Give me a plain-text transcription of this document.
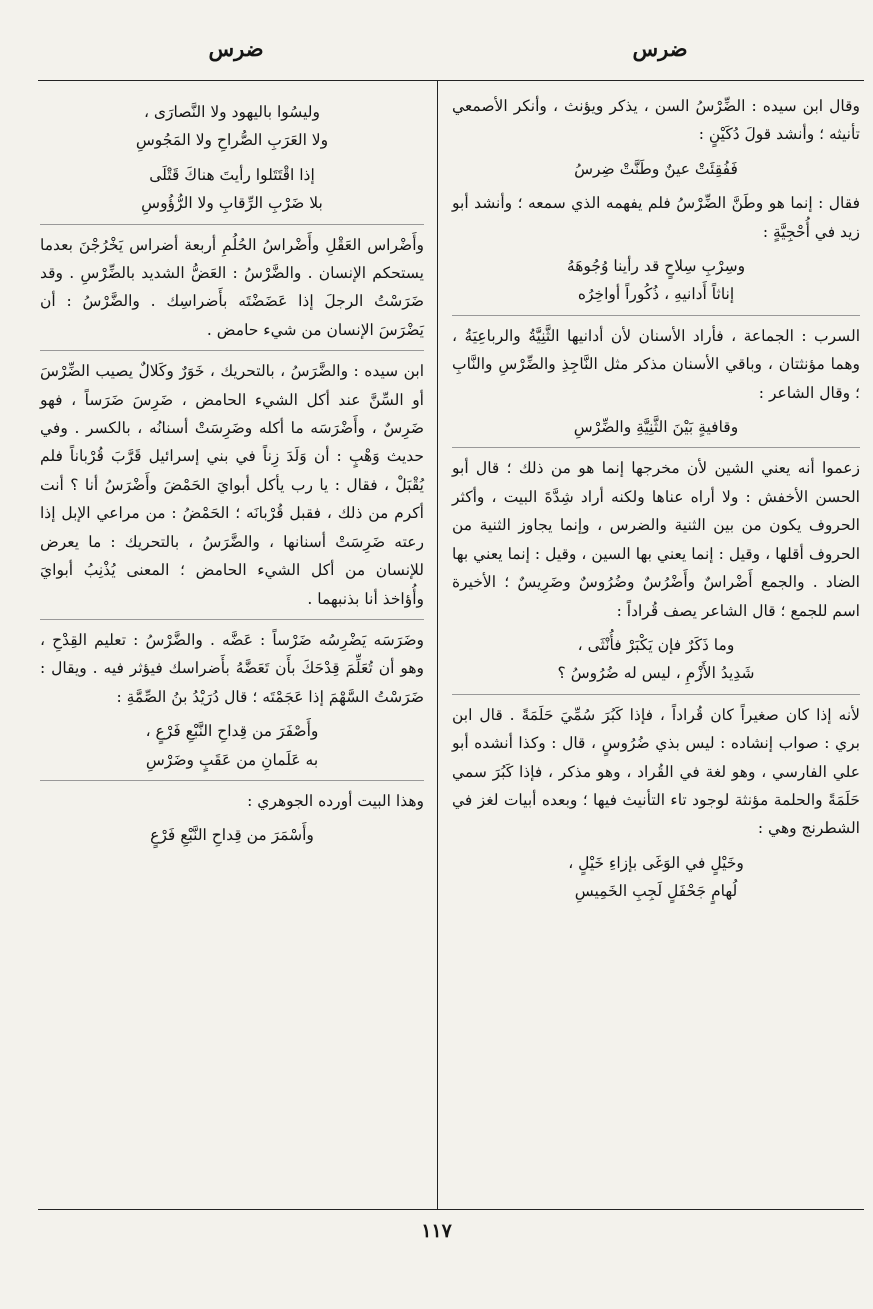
ضرس
ضرس

وقال ابن سيده : الضِّرْسُ السن ، يذكر ويؤنث ، وأنكر الأصمعي تأنيثه ؛ وأنشد قولَ دُكَيْنٍ :

فَفُقِئَتْ عينٌ وطَنَّتْ ضِرسُ

فقال : إنما هو وطَنَّ الضِّرْسُ فلم يفهمه الذي سمعه ؛ وأنشد أبو زيد في أُحْجِيَّةٍ :

وسِرْبِ سِلاحٍ قد رأينا وُجُوهَهُ
إناثاً أَدانيهِ ، ذُكُوراً أواخِرُه

السرب : الجماعة ، فأراد الأسنان لأن أدانيها الثَّنِيَّةُ والرباعِيَةُ ، وهما مؤنثتان ، وباقي الأسنان مذكر مثل النَّاجِذِ والضِّرْسِ والنَّابِ ؛ وقال الشاعر :

وقافيةٍ بَيْنَ الثَّنِيَّةِ والضِّرْسِ

زعموا أنه يعني الشين لأن مخرجها إنما هو من ذلك ؛ قال أبو الحسن الأخفش : ولا أراه عناها ولكنه أراد شِدَّةَ البيت ، وأكثر الحروف يكون من بين الثنية والضرس ، وإنما يجاوز الثنية من الحروف أقلها ، وقيل : إنما يعني بها السين ، وقيل : إنما يعني بها الضاد . والجمع أَضْراسٌ وأَضْرُسٌ وضُرُوسٌ وضَرِيسٌ ؛ الأخيرة اسم للجمع ؛ قال الشاعر يصف قُراداً :

وما ذَكَرٌ فإن يَكْبَرْ فأُنْثَى ،
شَدِيدُ الأَزْمِ ، ليس له ضُرُوسُ ؟

لأنه إذا كان صغيراً كان قُراداً ، فإذا كَبُرَ سُمِّيَ حَلَمَةً . قال ابن بري : صواب إنشاده : ليس بذي ضُرُوسٍ ، قال : وكذا أنشده أبو علي الفارسي ، وهو لغة في القُراد ، وهو مذكر ، فإذا كَبُرَ سمي حَلَمَةً والحلمة مؤنثة لوجود تاء التأنيث فيها ؛ وبعده أبيات لغز في الشطرنج وهي :

وخَيْلٍ في الوَغَى بإزاءِ خَيْلٍ ،
لُهامٍ جَحْفَلٍ لَجِبِ الخَمِيسِ
وليسُوا باليهود ولا النَّصارَى ،
ولا العَرَبِ الصُّراحِ ولا المَجُوسِ
إذا اقْتَتَلوا رأيتَ هناكَ قَتْلَى
بلا ضَرْبِ الرِّقابِ ولا الرُّؤُوسِ

وأَضْراس العَقْلِ وأَضْراسُ الحُلُمِ أربعة أضراس يَخْرُجْنَ بعدما يستحكم الإنسان . والضَّرْسُ : العَضُّ الشديد بالضِّرْسِ . وقد ضَرَسْتُ الرجلَ إذا عَضَضْتَه بأَضراسِك . والضَّرْسُ : أن يَضْرَسَ الإنسان من شيء حامض .

ابن سيده : والضَّرَسُ ، بالتحريك ، خَوَرٌ وكَلالٌ يصيب الضِّرْسَ أو السِّنَّ عند أكل الشيء الحامض ، ضَرِسَ ضَرَساً ، فهو ضَرِسٌ ، وأَضْرَسَه ما أكله وضَرِسَتْ أسنانُه ، بالكسر . وفي حديث وَهْبٍ : أن وَلَدَ زِناً في بني إسرائيل قَرَّبَ قُرْباناً فلم يُقْبَلْ ، فقال : يا رب يأكل أبوايَ الحَمْضَ وأَضْرَسُ أنا ؟ أنت أكرم من ذلك ، فقبل قُرْبانَه ؛ الحَمْضُ : من مراعي الإبل إذا رعته ضَرِسَتْ أسنانها ، والضَّرَسُ ، بالتحريك : ما يعرض للإنسان من أكل الشيء الحامض ؛ المعنى يُذْنِبُ أبوايَ وأُؤاخذ أنا بذنبهما .

وضَرَسَه يَضْرِسُه ضَرْساً : عَضَّه . والضَّرْسُ : تعليم القِدْحِ ، وهو أن تُعَلِّمَ قِدْحَكَ بأَن تَعَضَّهُ بأَضراسك فيؤثر فيه . ويقال : ضَرَسْتُ السَّهْمَ إذا عَجَمْتَه ؛ قال دُرَيْدُ بنُ الصِّمَّةِ :

وأَصْفَرَ من قِداحِ النَّبْعِ فَرْعٍ ،
به عَلَمانِ من عَقَبٍ وضَرْسِ

وهذا البيت أورده الجوهري :

وأَسْمَرَ من قِداحِ النَّبْعِ فَرْعٍ
١١٧
